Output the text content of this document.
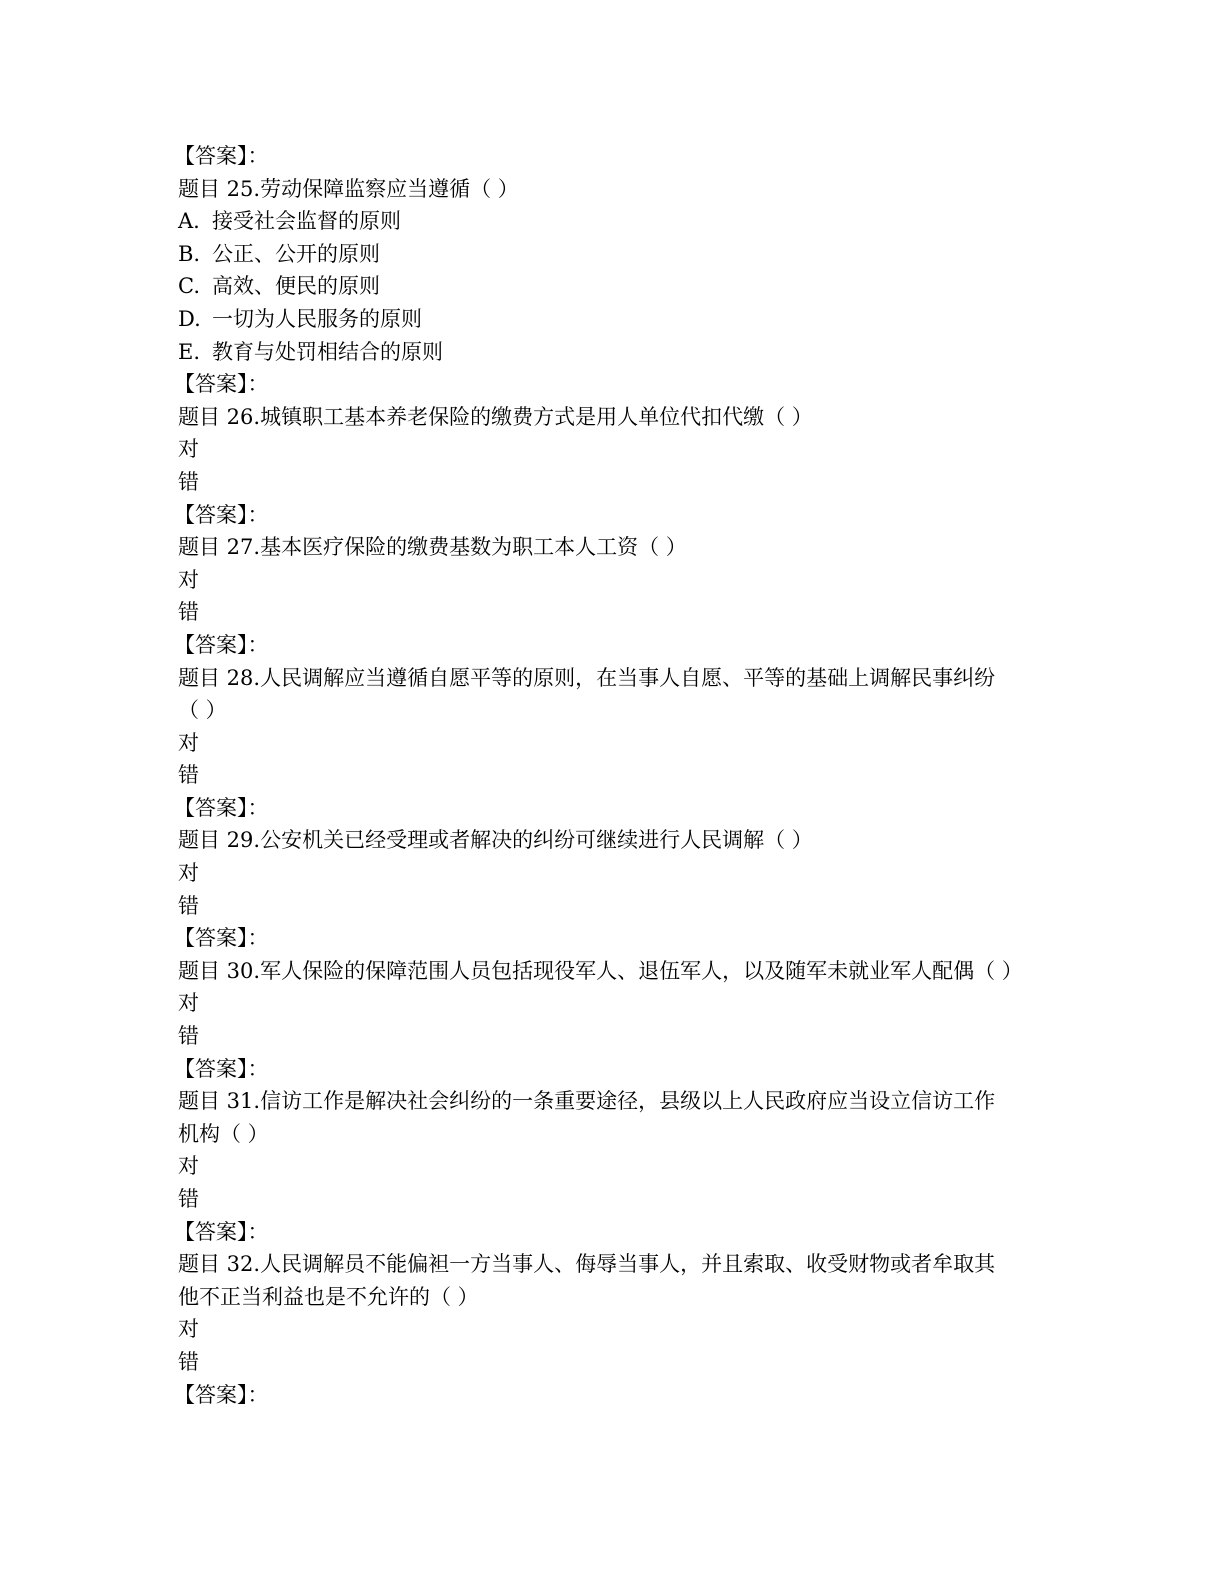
【答案】：
题目 25.劳动保障监察应当遵循（ ）
A. 接受社会监督的原则
B. 公正、公开的原则
C. 高效、便民的原则
D. 一切为人民服务的原则
E. 教育与处罚相结合的原则
【答案】：
题目 26.城镇职工基本养老保险的缴费方式是用人单位代扣代缴（ ）
对
错
【答案】：
题目 27.基本医疗保险的缴费基数为职工本人工资（ ）
对
错
【答案】：
题目 28.人民调解应当遵循自愿平等的原则，在当事人自愿、平等的基础上调解民事纠纷
（ ）
对
错
【答案】：
题目 29.公安机关已经受理或者解决的纠纷可继续进行人民调解（ ）
对
错
【答案】：
题目 30.军人保险的保障范围人员包括现役军人、退伍军人，以及随军未就业军人配偶（ ）
对
错
【答案】：
题目 31.信访工作是解决社会纠纷的一条重要途径，县级以上人民政府应当设立信访工作
机构（ ）
对
错
【答案】：
题目 32.人民调解员不能偏袒一方当事人、侮辱当事人，并且索取、收受财物或者牟取其
他不正当利益也是不允许的（ ）
对
错
【答案】：
